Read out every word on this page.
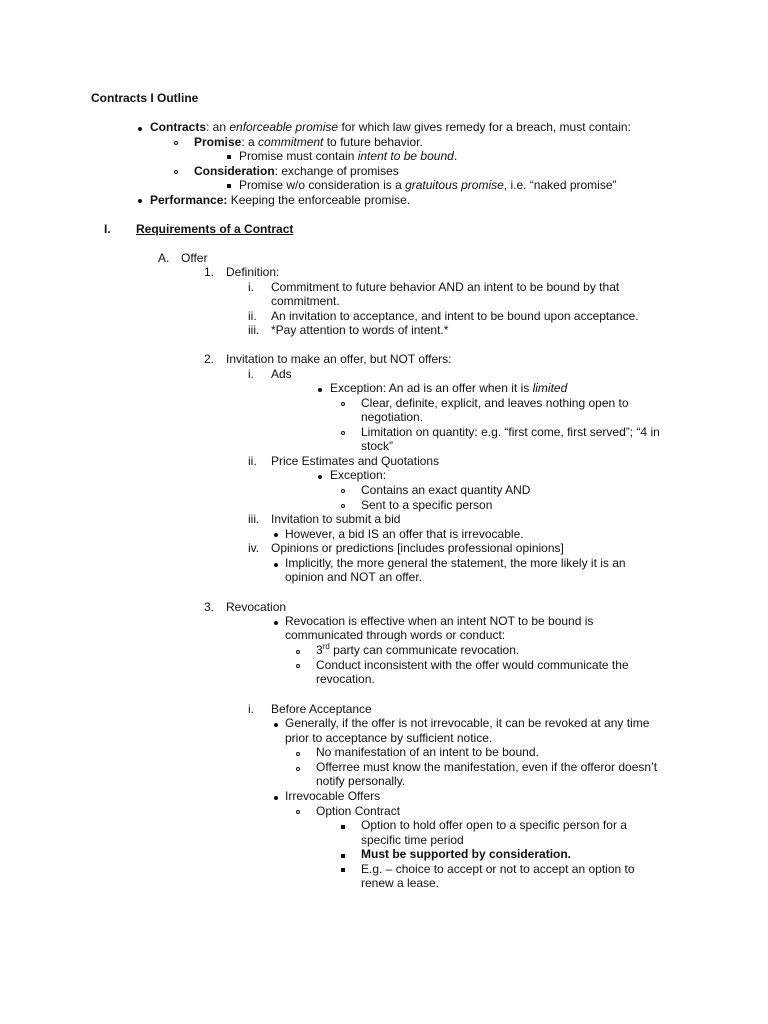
Contracts I Outline
Contracts: an enforceable promise for which law gives remedy for a breach, must contain:
Promise: a commitment to future behavior.
Promise must contain intent to be bound.
Consideration: exchange of promises
Promise w/o consideration is a gratuitous promise, i.e. “naked promise”
Performance: Keeping the enforceable promise.
I. Requirements of a Contract
A. Offer
1. Definition:
i. Commitment to future behavior AND an intent to be bound by that
commitment.
ii. An invitation to acceptance, and intent to be bound upon acceptance.
iii. *Pay attention to words of intent.*
2. Invitation to make an offer, but NOT offers:
i. Ads
Exception: An ad is an offer when it is limited
Clear, definite, explicit, and leaves nothing open to
negotiation.
Limitation on quantity: e.g. “first come, first served”; “4 in
stock”
ii. Price Estimates and Quotations
Exception:
Contains an exact quantity AND
Sent to a specific person
iii. Invitation to submit a bid
However, a bid IS an offer that is irrevocable.
iv. Opinions or predictions [includes professional opinions]
Implicitly, the more general the statement, the more likely it is an
opinion and NOT an offer.
3. Revocation
Revocation is effective when an intent NOT to be bound is
communicated through words or conduct:
3rd party can communicate revocation.
Conduct inconsistent with the offer would communicate the
revocation.
i. Before Acceptance
Generally, if the offer is not irrevocable, it can be revoked at any time
prior to acceptance by sufficient notice.
No manifestation of an intent to be bound.
Offerree must know the manifestation, even if the offeror doesn’t
notify personally.
Irrevocable Offers
Option Contract
Option to hold offer open to a specific person for a
specific time period
Must be supported by consideration.
E.g. – choice to accept or not to accept an option to
renew a lease.
